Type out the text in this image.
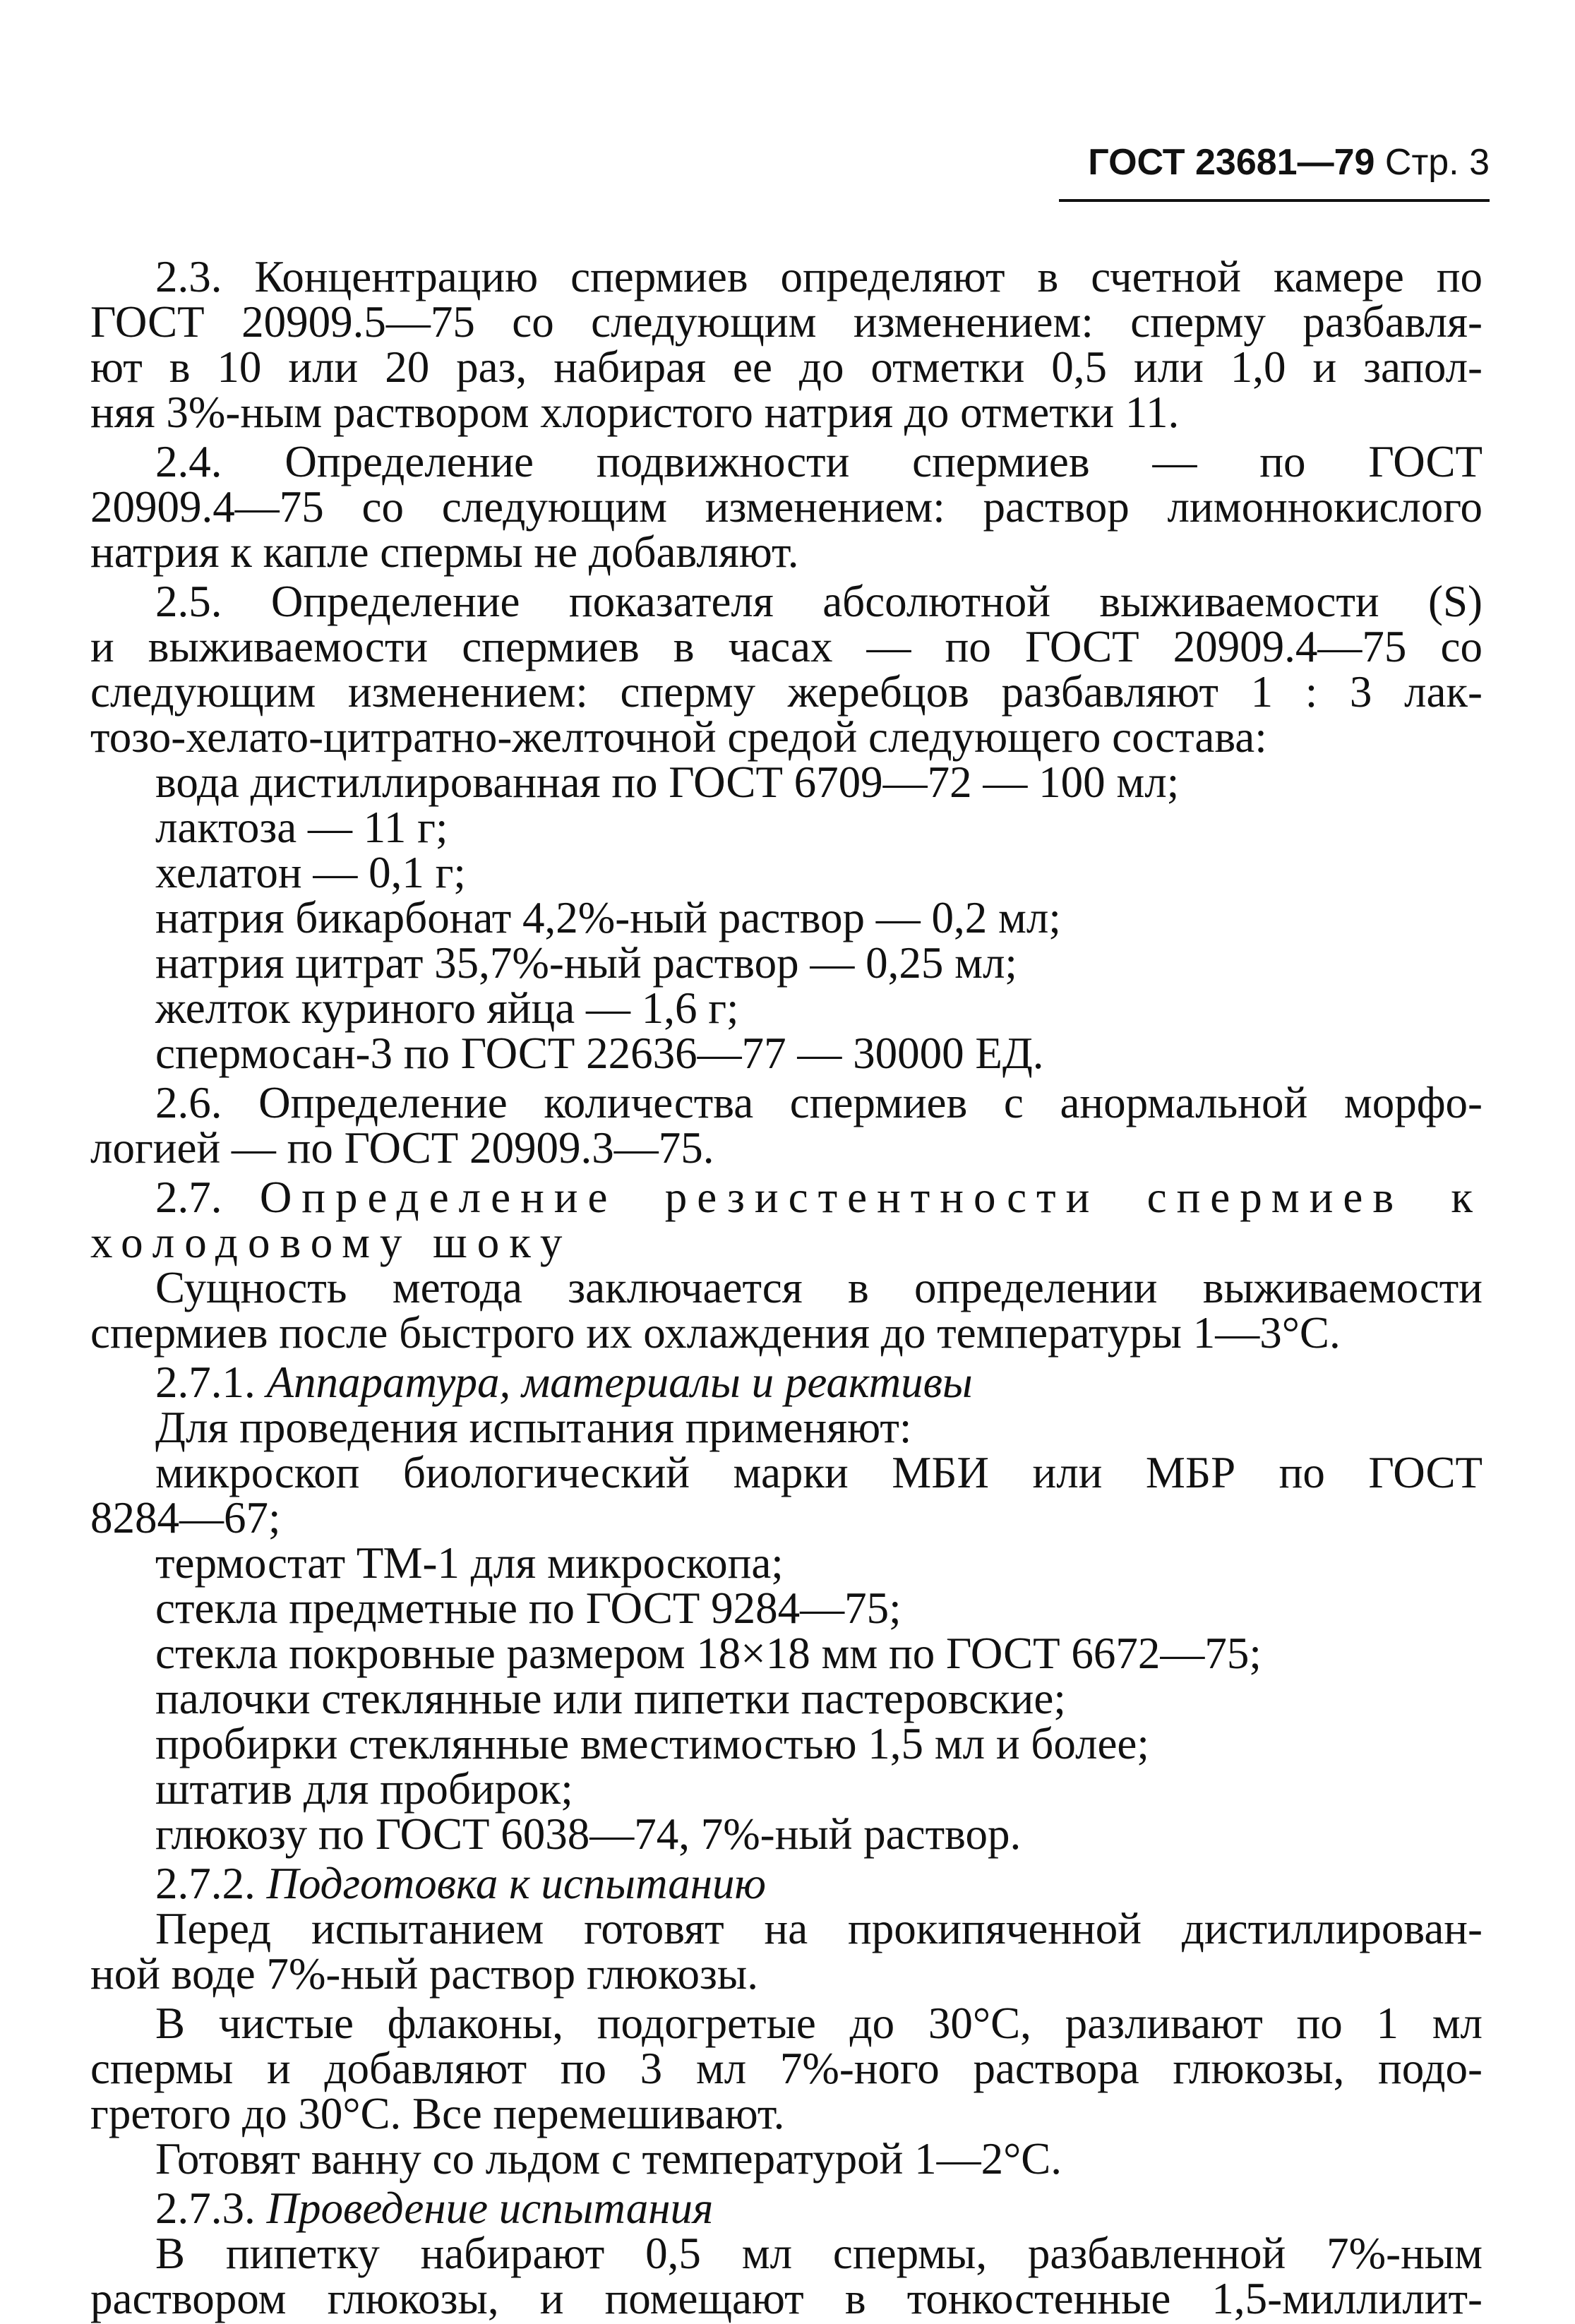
ГОСТ 23681—79 Стр. 3
2.3. Концентрацию спермиев определяют в счетной камере по
ГОСТ 20909.5—75 со следующим изменением: сперму разбавля-
ют в 10 или 20 раз, набирая ее до отметки 0,5 или 1,0 и запол-
няя 3%-ным раствором хлористого натрия до отметки 11.
2.4. Определение подвижности спермиев — по ГОСТ
20909.4—75 со следующим изменением: раствор лимоннокислого
натрия к капле спермы не добавляют.
2.5. Определение показателя абсолютной выживаемости (S)
и выживаемости спермиев в часах — по ГОСТ 20909.4—75 со
следующим изменением: сперму жеребцов разбавляют 1 : 3 лак-
тозо-хелато-цитратно-желточной средой следующего состава:
вода дистиллированная по ГОСТ 6709—72 — 100 мл;
лактоза — 11 г;
хелатон — 0,1 г;
натрия бикарбонат 4,2%-ный раствор — 0,2 мл;
натрия цитрат 35,7%-ный раствор — 0,25 мл;
желток куриного яйца — 1,6 г;
спермосан-3 по ГОСТ 22636—77 — 30000 ЕД.
2.6. Определение количества спермиев с анормальной морфо-
логией — по ГОСТ 20909.3—75.
2.7. Определение резистентности спермиев к
холодовому шоку
Сущность метода заключается в определении выживаемости
спермиев после быстрого их охлаждения до температуры 1—3°С.
2.7.1. Аппаратура, материалы и реактивы
Для проведения испытания применяют:
микроскоп биологический марки МБИ или МБР по ГОСТ
8284—67;
термостат ТМ-1 для микроскопа;
стекла предметные по ГОСТ 9284—75;
стекла покровные размером 18×18 мм по ГОСТ 6672—75;
палочки стеклянные или пипетки пастеровские;
пробирки стеклянные вместимостью 1,5 мл и более;
штатив для пробирок;
глюкозу по ГОСТ 6038—74, 7%-ный раствор.
2.7.2. Подготовка к испытанию
Перед испытанием готовят на прокипяченной дистиллирован-
ной воде 7%-ный раствор глюкозы.
В чистые флаконы, подогретые до 30°С, разливают по 1 мл
спермы и добавляют по 3 мл 7%-ного раствора глюкозы, подо-
гретого до 30°С. Все перемешивают.
Готовят ванну со льдом с температурой 1—2°С.
2.7.3. Проведение испытания
В пипетку набирают 0,5 мл спермы, разбавленной 7%-ным
раствором глюкозы, и помещают в тонкостенные 1,5-миллилит-
